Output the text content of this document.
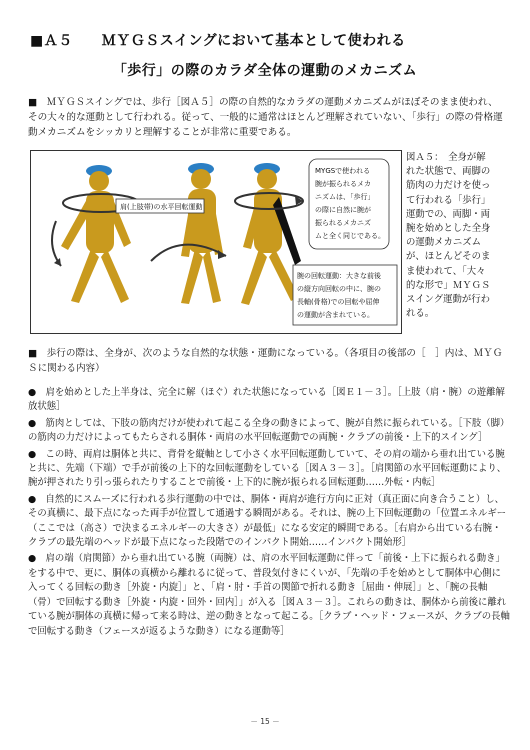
■Ａ５　　ＭＹＧＳスイングにおいて基本として使われる
「歩行」の際のカラダ全体の運動のメカニズム
■　ＭＹＧＳスイングでは、歩行［図Ａ５］の際の自然的なカラダの運動メカニズムがほぼそのまま使われ、その大々的な運動として行われる。従って、一般的に通常はほとんど理解されていない、「歩行」の際の骨格運動メカニズムをシッカリと理解することが非常に重要である。
肩(上肢帯)の水平回転運動
MYGSで使われる 腕が振られるメカ ニズムは、「歩行」 の際に自然に腕が 振られるメカニズ ムと全く同じである。
腕の回転運動：大きな前後 の縦方向回転の中に、腕の 長軸(骨格)での回転や屈伸 の運動が含まれている。
図Ａ５：　全身が解れた状態で、両脚の筋肉の力だけを使って行われる「歩行」運動での、両脚・両腕を始めとした全身の運動メカニズムが、ほとんどそのまま使われて、「大々的な形で」ＭＹＧＳスイング運動が行われる。
■　歩行の際は、全身が、次のような自然的な状態・運動になっている。（各項目の後部の［　］内は、ＭＹＧＳに関わる内容）
●　肩を始めとした上半身は、完全に解（ほぐ）れた状態になっている［図Ｅ１－３］。［上肢（肩・腕）の遊離解放状態］
●　筋肉としては、下肢の筋肉だけが使われて起こる全身の動きによって、腕が自然に振られている。［下肢（脚）の筋肉の力だけによってもたらされる胴体・両肩の水平回転運動での両腕・クラブの前後・上下的スイング］
●　この時、両肩は胴体と共に、背骨を縦軸として小さく水平回転運動していて、その肩の端から垂れ出ている腕と共に、先端（下端）で手が前後の上下的な回転運動をしている［図Ａ３－３］。［肩関節の水平回転運動により、腕が押されたり引っ張られたりすることで前後・上下的に腕が振られる回転運動……外転・内転］
●　自然的にスムーズに行われる歩行運動の中では、胴体・両肩が進行方向に正対（真正面に向き合うこと）し、その真横に、最下点になった両手が位置して通過する瞬間がある。それは、腕の上下回転運動の「位置エネルギー（ここでは（高さ）で決まるエネルギーの大きさ）が最低」になる安定的瞬間である。［右肩から出ている右腕・クラブの最先端のヘッドが最下点になった段階でのインパクト開始……インパクト開始形］
●　肩の端（肩関節）から垂れ出ている腕（両腕）は、肩の水平回転運動に伴って「前後・上下に振られる動き」をする中で、更に、胴体の真横から離れるに従って、普段気付きにくいが、「先端の手を始めとして胴体中心側に入ってくる回転の動き［外旋・内旋］」と、「肩・肘・手首の関節で折れる動き［屈曲・伸展］」と、「腕の長軸（骨）で回転する動き［外旋・内旋・回外・回内］」が入る［図Ａ３－３］。これらの動きは、胴体から前後に離れている腕が胴体の真横に帰って来る時は、逆の動きとなって起こる。［クラブ・ヘッド・フェースが、クラブの長軸で回転する動き（フェースが返るような動き）になる運動等］
－ 15 －
